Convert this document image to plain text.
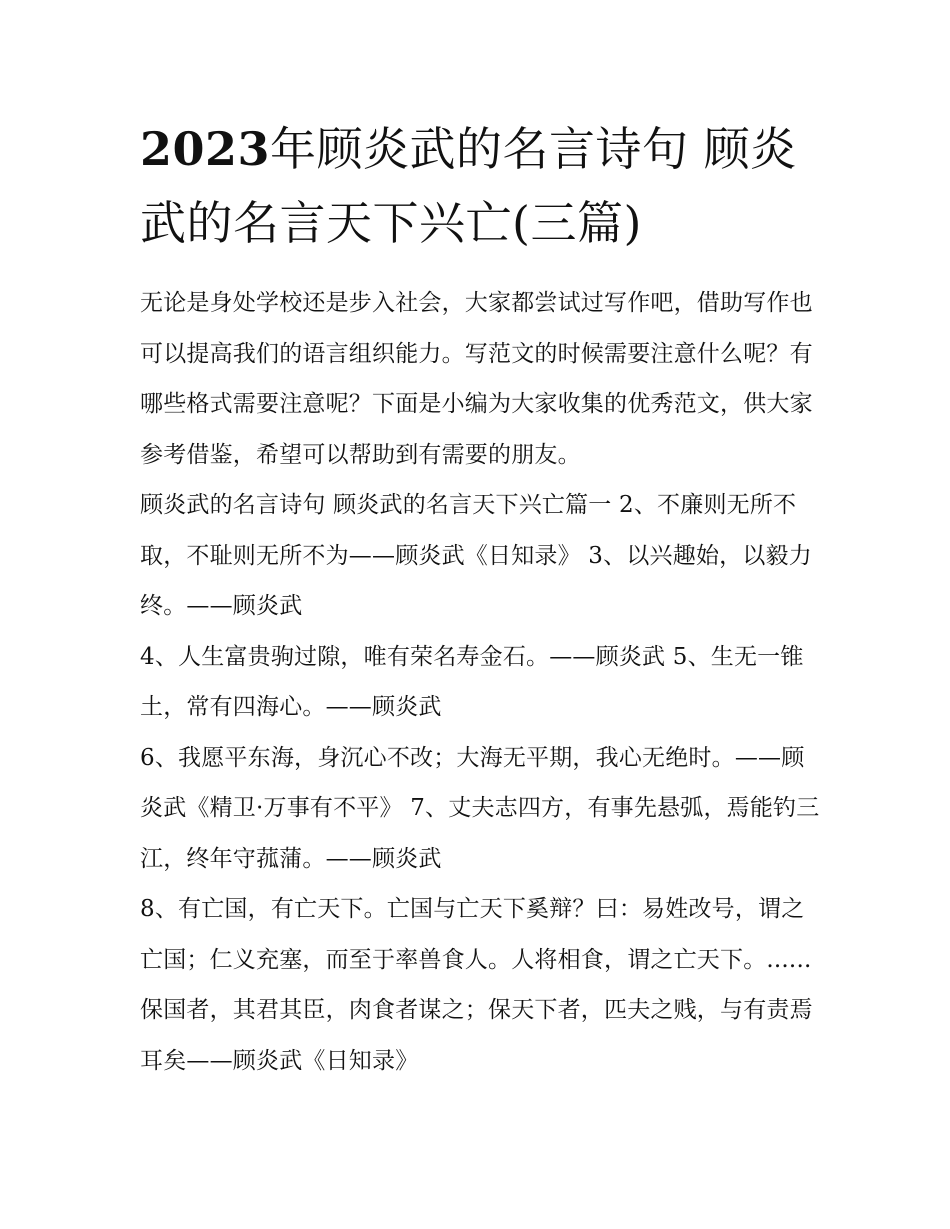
2023年顾炎武的名言诗句 顾炎武的名言天下兴亡(三篇)

无论是身处学校还是步入社会，大家都尝试过写作吧，借助写作也可以提高我们的语言组织能力。写范文的时候需要注意什么呢？有哪些格式需要注意呢？下面是小编为大家收集的优秀范文，供大家参考借鉴，希望可以帮助到有需要的朋友。

顾炎武的名言诗句 顾炎武的名言天下兴亡篇一 2、不廉则无所不取，不耻则无所不为——顾炎武《日知录》 3、以兴趣始，以毅力终。——顾炎武

4、人生富贵驹过隙，唯有荣名寿金石。——顾炎武 5、生无一锥土，常有四海心。——顾炎武

6、我愿平东海，身沉心不改；大海无平期，我心无绝时。——顾炎武《精卫·万事有不平》 7、丈夫志四方，有事先悬弧，焉能钓三江，终年守菰蒲。——顾炎武

8、有亡国，有亡天下。亡国与亡天下奚辩？曰：易姓改号，谓之亡国；仁义充塞，而至于率兽食人。人将相食，谓之亡天下。......保国者，其君其臣，肉食者谋之；保天下者，匹夫之贱，与有责焉耳矣——顾炎武《日知录》
